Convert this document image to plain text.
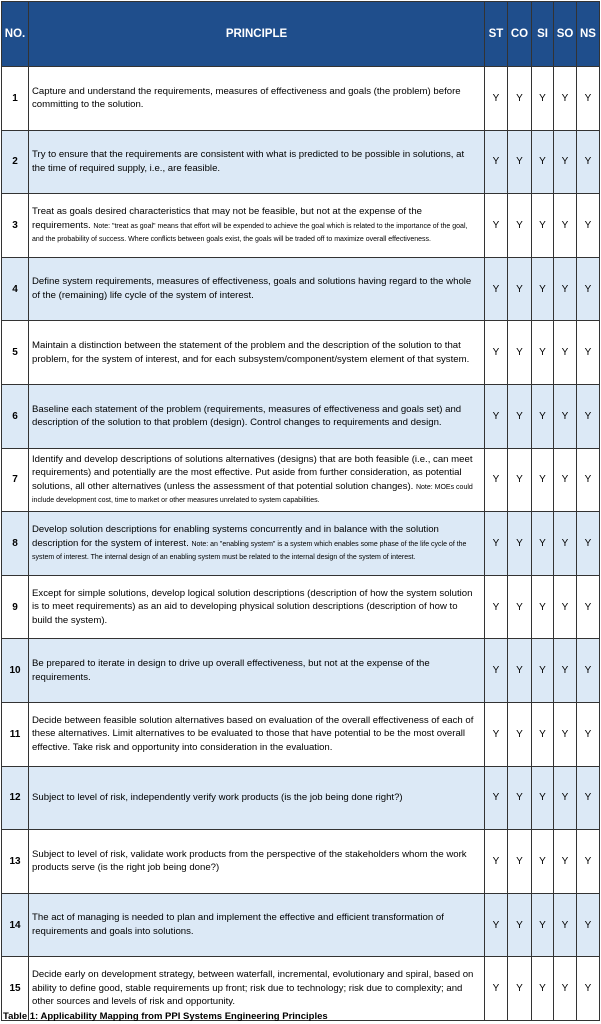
NO.	PRINCIPLE	ST	CO	SI	SO	NS
1	Capture and understand the requirements, measures of effectiveness and goals (the problem) before committing to the solution.	Y	Y	Y	Y	Y
2	Try to ensure that the requirements are consistent with what is predicted to be possible in solutions, at the time of required supply, i.e., are feasible.	Y	Y	Y	Y	Y
3	Treat as goals desired characteristics that may not be feasible, but not at the expense of the requirements. Note: "treat as goal" means that effort will be expended to achieve the goal which is related to the importance of the goal, and the probability of success. Where conflicts between goals exist, the goals will be traded off to maximize overall effectiveness.	Y	Y	Y	Y	Y
4	Define system requirements, measures of effectiveness, goals and solutions having regard to the whole of the (remaining) life cycle of the system of interest.	Y	Y	Y	Y	Y
5	Maintain a distinction between the statement of the problem and the description of the solution to that problem, for the system of interest, and for each subsystem/component/system element of that system.	Y	Y	Y	Y	Y
6	Baseline each statement of the problem (requirements, measures of effectiveness and goals set) and description of the solution to that problem (design). Control changes to requirements and design.	Y	Y	Y	Y	Y
7	Identify and develop descriptions of solutions alternatives (designs) that are both feasible (i.e., can meet requirements) and potentially are the most effective. Put aside from further consideration, as potential solutions, all other alternatives (unless the assessment of that potential solution changes). Note: MOEs could include development cost, time to market or other measures unrelated to system capabilities.	Y	Y	Y	Y	Y
8	Develop solution descriptions for enabling systems concurrently and in balance with the solution description for the system of interest. Note: an "enabling system" is a system which enables some phase of the life cycle of the system of interest. The internal design of an enabling system must be related to the internal design of the system of interest.	Y	Y	Y	Y	Y
9	Except for simple solutions, develop logical solution descriptions (description of how the system solution is to meet requirements) as an aid to developing physical solution descriptions (description of how to build the system).	Y	Y	Y	Y	Y
10	Be prepared to iterate in design to drive up overall effectiveness, but not at the expense of the requirements.	Y	Y	Y	Y	Y
11	Decide between feasible solution alternatives based on evaluation of the overall effectiveness of each of these alternatives. Limit alternatives to be evaluated to those that have potential to be the most overall effective. Take risk and opportunity into consideration in the evaluation.	Y	Y	Y	Y	Y
12	Subject to level of risk, independently verify work products (is the job being done right?)	Y	Y	Y	Y	Y
13	Subject to level of risk, validate work products from the perspective of the stakeholders whom the work products serve (is the right job being done?)	Y	Y	Y	Y	Y
14	The act of managing is needed to plan and implement the effective and efficient transformation of requirements and goals into solutions.	Y	Y	Y	Y	Y
15	Decide early on development strategy, between waterfall, incremental, evolutionary and spiral, based on ability to define good, stable requirements up front; risk due to technology; risk due to complexity; and other sources and levels of risk and opportunity.	Y	Y	Y	Y	Y
Table 1: Applicability Mapping from PPI Systems Engineering Principles
